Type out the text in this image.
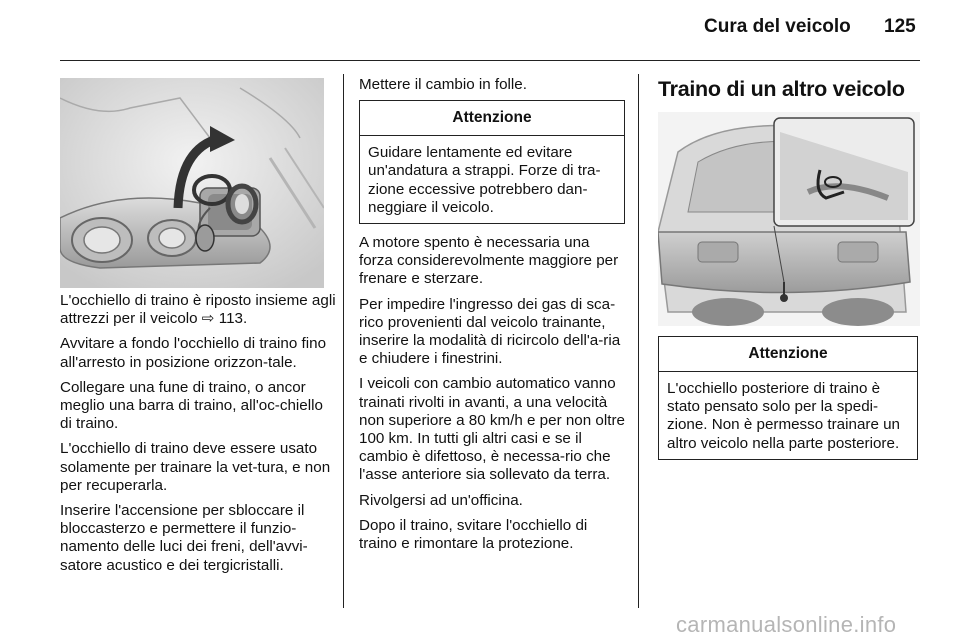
Cura del veicolo 125

L'occhiello di traino è riposto insieme agli attrezzi per il veicolo ⇨ 113.

Avvitare a fondo l'occhiello di traino fino all'arresto in posizione orizzon-tale.

Collegare una fune di traino, o ancor meglio una barra di traino, all'oc-chiello di traino.

L'occhiello di traino deve essere usato solamente per trainare la vet-tura, e non per recuperarla.

Inserire l'accensione per sbloccare il bloccasterzo e permettere il funzio-namento delle luci dei freni, dell'avvi-satore acustico e dei tergicristalli.

Mettere il cambio in folle.

Attenzione
Guidare lentamente ed evitare un'andatura a strappi. Forze di tra-zione eccessive potrebbero dan-neggiare il veicolo.

A motore spento è necessaria una forza considerevolmente maggiore per frenare e sterzare.

Per impedire l'ingresso dei gas di sca-rico provenienti dal veicolo trainante, inserire la modalità di ricircolo dell'a-ria e chiudere i finestrini.

I veicoli con cambio automatico vanno trainati rivolti in avanti, a una velocità non superiore a 80 km/h e per non oltre 100 km. In tutti gli altri casi e se il cambio è difettoso, è necessa-rio che l'asse anteriore sia sollevato da terra.

Rivolgersi ad un'officina.

Dopo il traino, svitare l'occhiello di traino e rimontare la protezione.

Traino di un altro veicolo
Attenzione
L'occhiello posteriore di traino è stato pensato solo per la spedi-zione. Non è permesso trainare un altro veicolo nella parte posteriore.
carmanualsonline.info
